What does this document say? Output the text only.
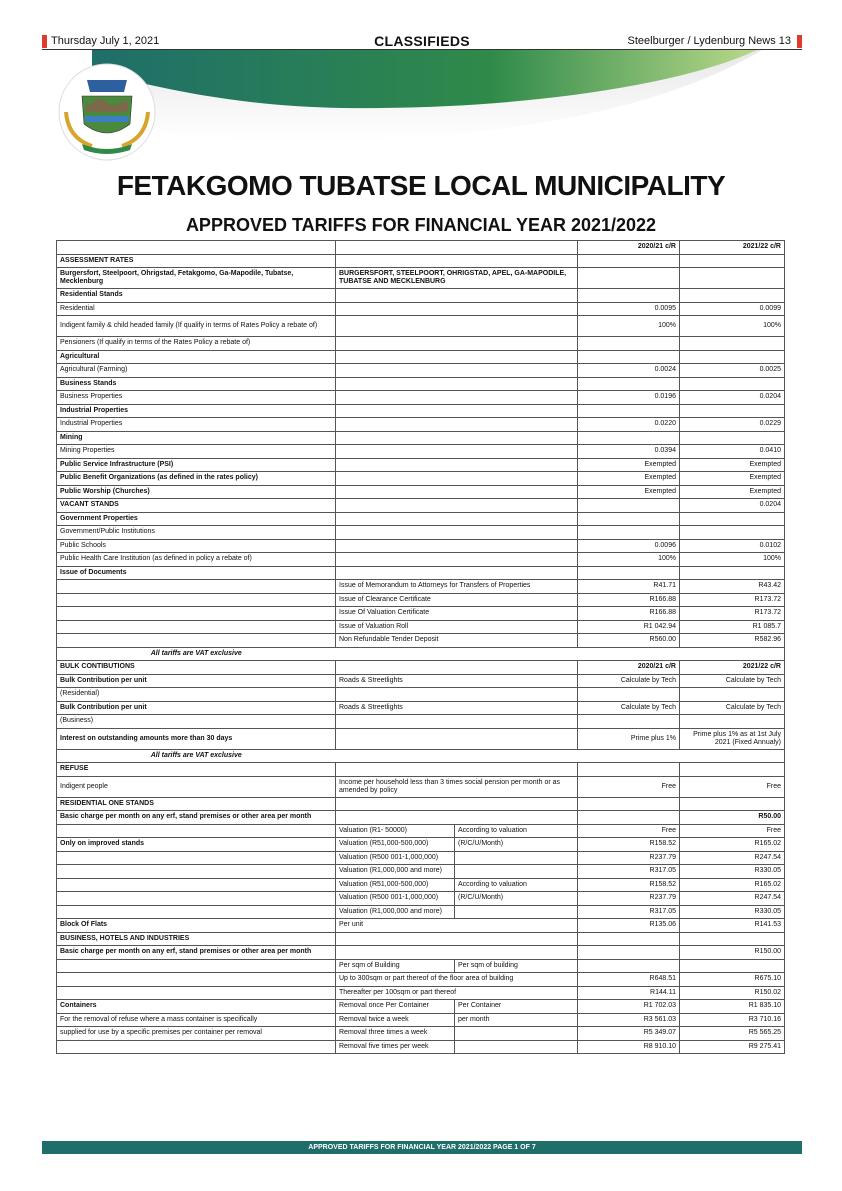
Thursday July 1, 2021	CLASSIFIEDS	Steelburger / Lydenburg News 13
FETAKGOMO TUBATSE LOCAL MUNICIPALITY
APPROVED TARIFFS FOR FINANCIAL YEAR 2021/2022
			2020/21 c/R	2021/22 c/R
ASSESSMENT RATES				
Burgersfort, Steelpoort, Ohrigstad, Fetakgomo, Ga-Mapodile, Tubatse, Mecklenburg	BURGERSFORT, STEELPOORT, OHRIGSTAD, APEL, GA-MAPODILE, TUBATSE AND MECKLENBURG			
Residential Stands				
Residential			0.0095	0.0099
Indigent family & child headed family (If qualify in terms of Rates Policy a rebate of)			100%	100%
Pensioners (If qualify in terms of the Rates Policy a rebate of)				
Agricultural				
Agricultural (Farming)			0.0024	0.0025
Business Stands				
Business Properties			0.0196	0.0204
Industrial Properties				
Industrial Properties			0.0220	0.0229
Mining				
Mining Properties			0.0394	0.0410
Public Service Infrastructure (PSI)			Exempted	Exempted
Public Benefit Organizations (as defined in the rates policy)			Exempted	Exempted
Public Worship (Churches)			Exempted	Exempted
VACANT STANDS				0.0204
Government Properties				
Government/Public Institutions				
Public Schools			0.0096	0.0102
Public Health Care Institution (as defined in policy a rebate of)			100%	100%
Issue of Documents				
	Issue of Memorandum to Attorneys for Transfers of Properties		R41.71	R43.42
	Issue of Clearance Certificate		R166.88	R173.72
	Issue Of Valuation Certificate		R166.88	R173.72
	Issue of Valuation Roll		R1 042.94	R1 085.7
	Non Refundable Tender Deposit		R560.00	R582.96
All tariffs are VAT exclusive				
BULK CONTIBUTIONS			2020/21 c/R	2021/22 c/R
Bulk Contribution per unit	Roads & Streetlights		Calculate by Tech	Calculate by Tech
(Residential)				
Bulk Contribution per unit	Roads & Streetlights		Calculate by Tech	Calculate by Tech
(Business)				
Interest on outstanding amounts more than 30 days			Prime plus 1%	Prime plus 1% as at 1st July 2021 (Fixed Annualy)
All tariffs are VAT exclusive				
REFUSE				
Indigent people	Income per household less than 3 times social pension per month or as amended by policy		Free	Free
RESIDENTIAL ONE STANDS				
Basic charge per month on any erf, stand premises or other area per month				R50.00
	Valuation (R1- 50000)	According to valuation	Free	Free
Only on improved stands	Valuation (R51,000-500,000)	(R/C/U/Month)	R158.52	R165.02
	Valuation (R500 001-1,000,000)		R237.79	R247.54
	Valuation (R1,000,000 and more)		R317.05	R330.05
	Valuation (R51,000-500,000)	According to valuation	R158.52	R165.02
	Valuation (R500 001-1,000,000)	(R/C/U/Month)	R237.79	R247.54
	Valuation (R1,000,000 and more)		R317.05	R330.05
Block Of Flats	Per unit		R135.06	R141.53
BUSINESS, HOTELS AND INDUSTRIES				
Basic charge per month on any erf, stand premises or other area per month				R150.00
	Per sqm of Building	Per sqm of building		
	Up to 300sqm or part thereof of the floor area of building		R648.51	R675.10
	Thereafter per 100sqm or part thereof		R144.11	R150.02
Containers	Removal once Per Container	Per Container	R1 702.03	R1 835.10
For the removal of refuse where a mass container is specifically	Removal twice a week	per month	R3 561.03	R3 710.16
supplied for use by a specific premises per container per removal	Removal three times a week		R5 349.07	R5 565.25
	Removal five times per week		R8 910.10	R9 275.41
APPROVED TARIFFS FOR FINANCIAL YEAR 2021/2022 PAGE 1 OF 7
